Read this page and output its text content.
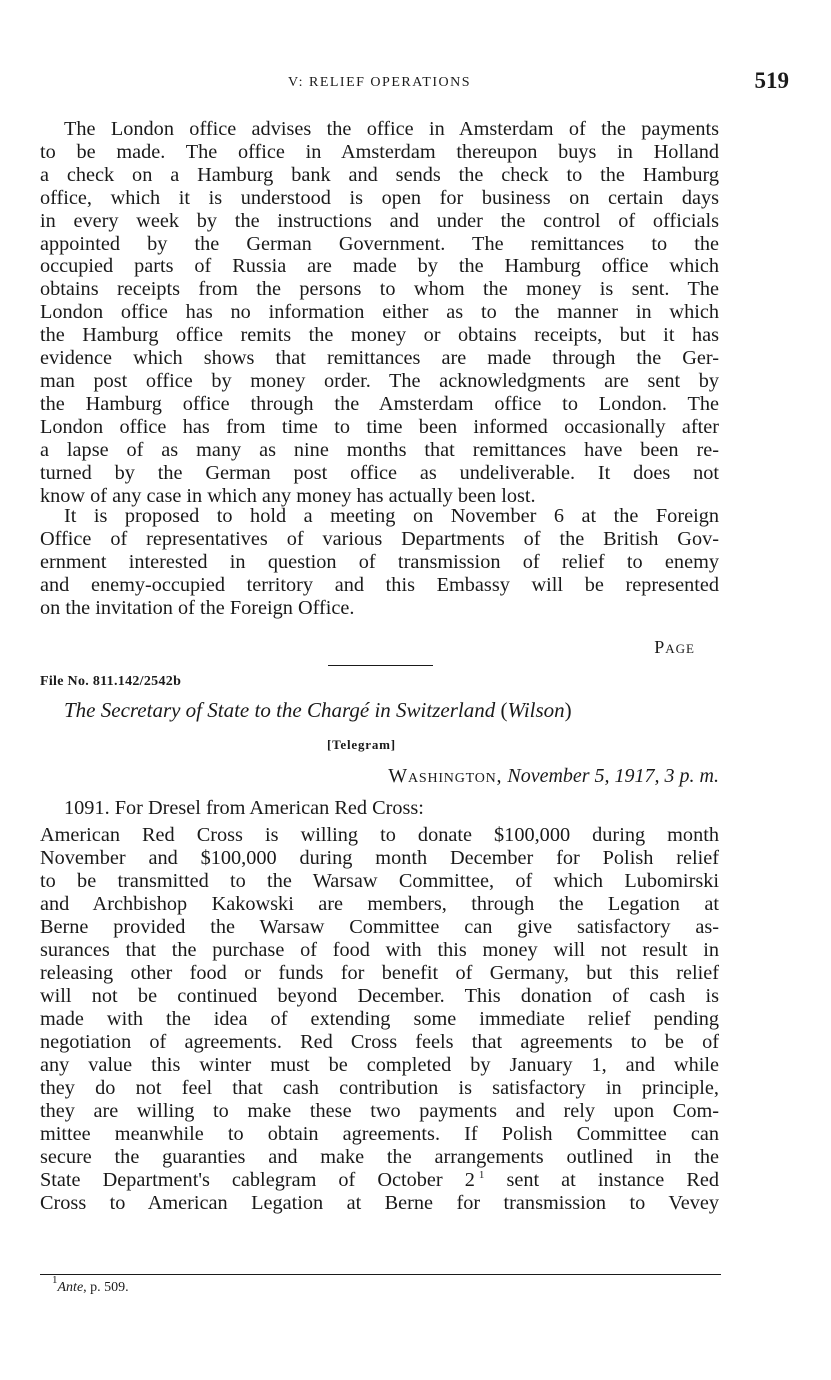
V: RELIEF OPERATIONS	519
The London office advises the office in Amsterdam of the payments
to be made. The office in Amsterdam thereupon buys in Holland
a check on a Hamburg bank and sends the check to the Hamburg
office, which it is understood is open for business on certain days
in every week by the instructions and under the control of officials
appointed by the German Government. The remittances to the
occupied parts of Russia are made by the Hamburg office which
obtains receipts from the persons to whom the money is sent. The
London office has no information either as to the manner in which
the Hamburg office remits the money or obtains receipts, but it has
evidence which shows that remittances are made through the Ger-
man post office by money order. The acknowledgments are sent by
the Hamburg office through the Amsterdam office to London. The
London office has from time to time been informed occasionally after
a lapse of as many as nine months that remittances have been re-
turned by the German post office as undeliverable. It does not
know of any case in which any money has actually been lost.
It is proposed to hold a meeting on November 6 at the Foreign
Office of representatives of various Departments of the British Gov-
ernment interested in question of transmission of relief to enemy
and enemy-occupied territory and this Embassy will be represented
on the invitation of the Foreign Office.
Page
File No. 811.142/2542b
The Secretary of State to the Chargé in Switzerland (Wilson)
[Telegram]
Washington, November 5, 1917, 3 p. m.
1091. For Dresel from American Red Cross:
American Red Cross is willing to donate $100,000 during month
November and $100,000 during month December for Polish relief
to be transmitted to the Warsaw Committee, of which Lubomirski
and Archbishop Kakowski are members, through the Legation at
Berne provided the Warsaw Committee can give satisfactory as-
surances that the purchase of food with this money will not result in
releasing other food or funds for benefit of Germany, but this relief
will not be continued beyond December. This donation of cash is
made with the idea of extending some immediate relief pending
negotiation of agreements. Red Cross feels that agreements to be of
any value this winter must be completed by January 1, and while
they do not feel that cash contribution is satisfactory in principle,
they are willing to make these two payments and rely upon Com-
mittee meanwhile to obtain agreements. If Polish Committee can
secure the guaranties and make the arrangements outlined in the
State Department's cablegram of October 2  $^1$ sent at instance Red
Cross to American Legation at Berne for transmission to Vevey
$^1$Ante, p. 509.
